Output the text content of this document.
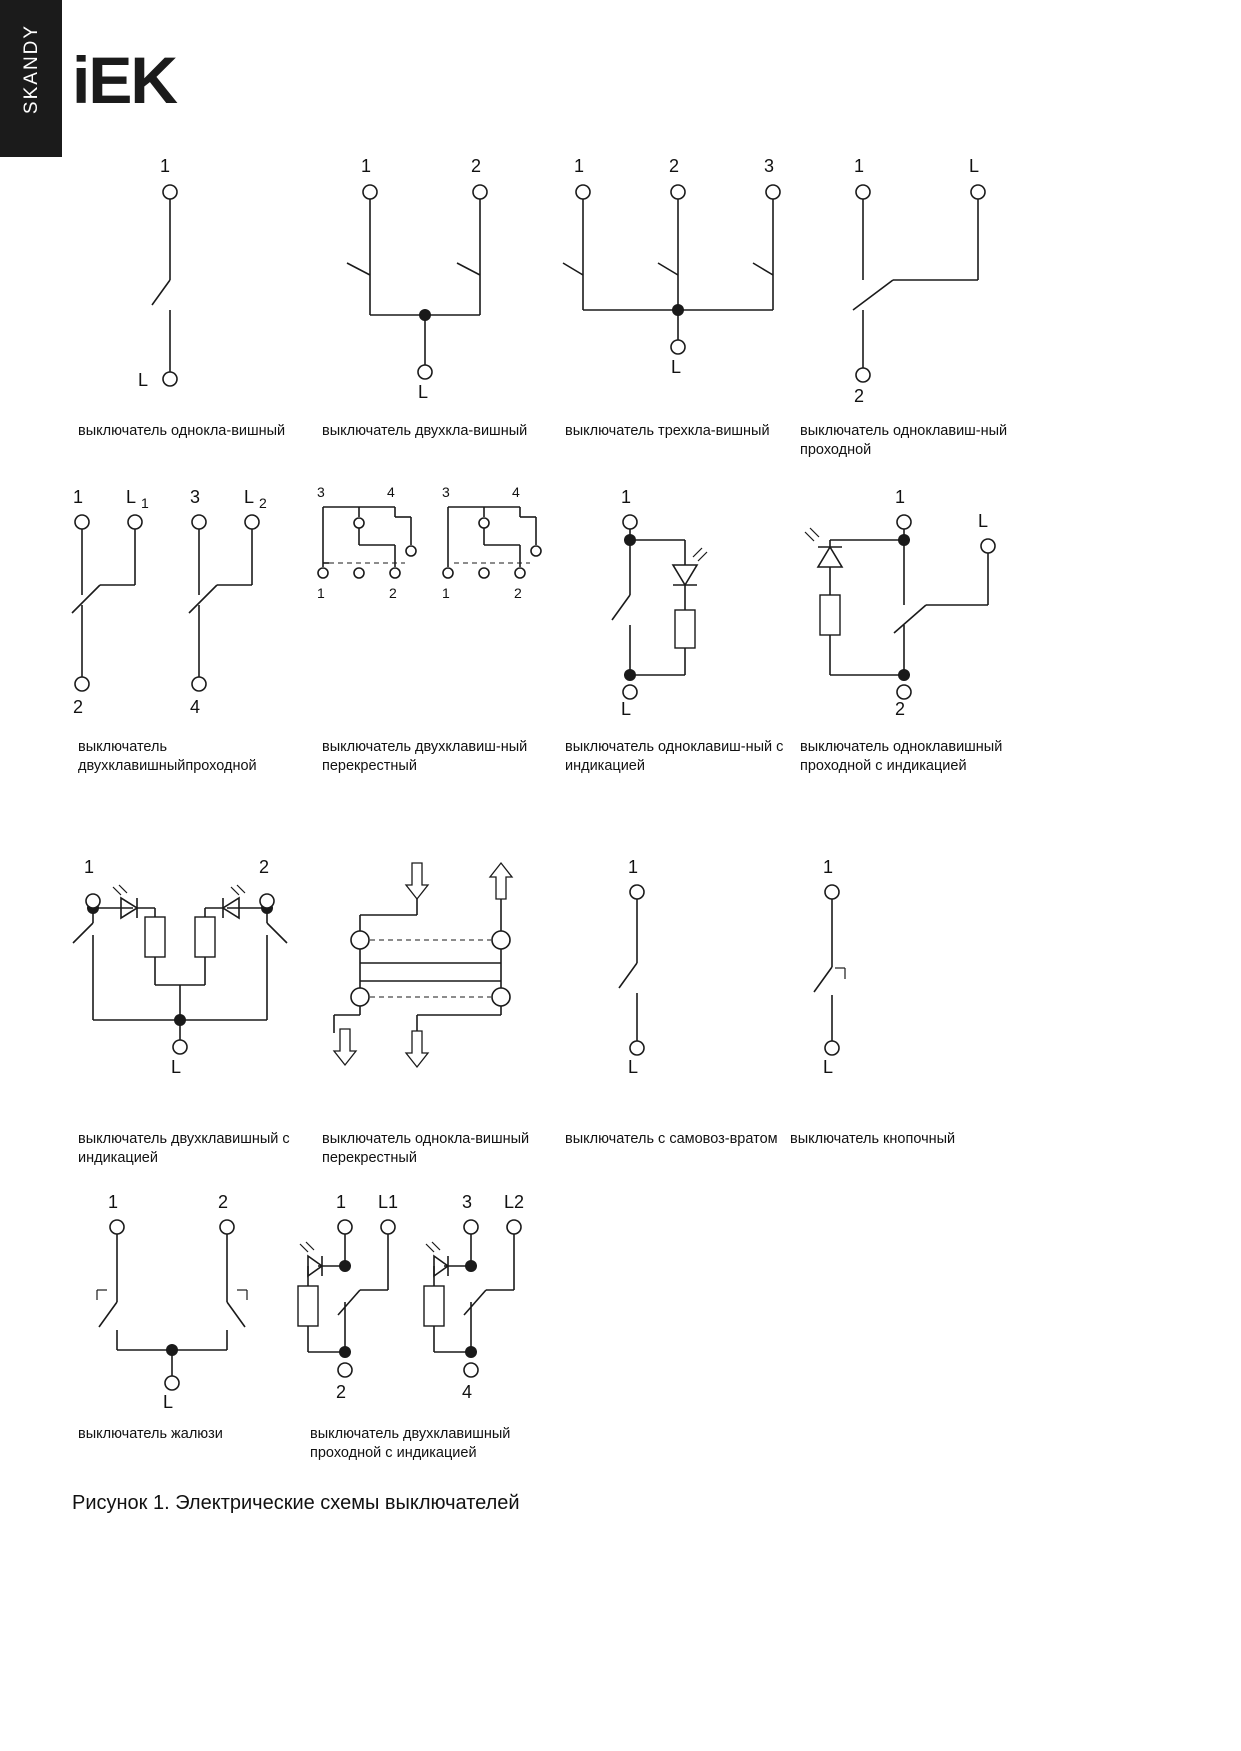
SKANDY iEK
1
L
выключатель однокла-вишный
1	2
L
выключатель двухкла-вишный
1	2	3
L
выключатель трехкла-вишный
1	L
2
выключатель одноклавиш-ный проходной
1 L 1 3 L 2
2	4
выключатель двухклавишныйпроходной
3	4
1	2
3	4
1	2
выключатель двухклавиш-ный перекрестный
1
L
выключатель одноклавиш-ный с индикацией
1
L
2
выключатель одноклавишный проходной с индикацией
1	2
L
выключатель двухклавишный с индикацией
выключатель однокла-вишный перекрестный
1
L
выключатель с самовоз-вратом
1
L
выключатель кнопочный
1	2
L
выключатель жалюзи
1 L1
2
3 L2
4
выключатель двухклавишный проходной с индикацией
Рисунок 1. Электрические схемы выключателей
